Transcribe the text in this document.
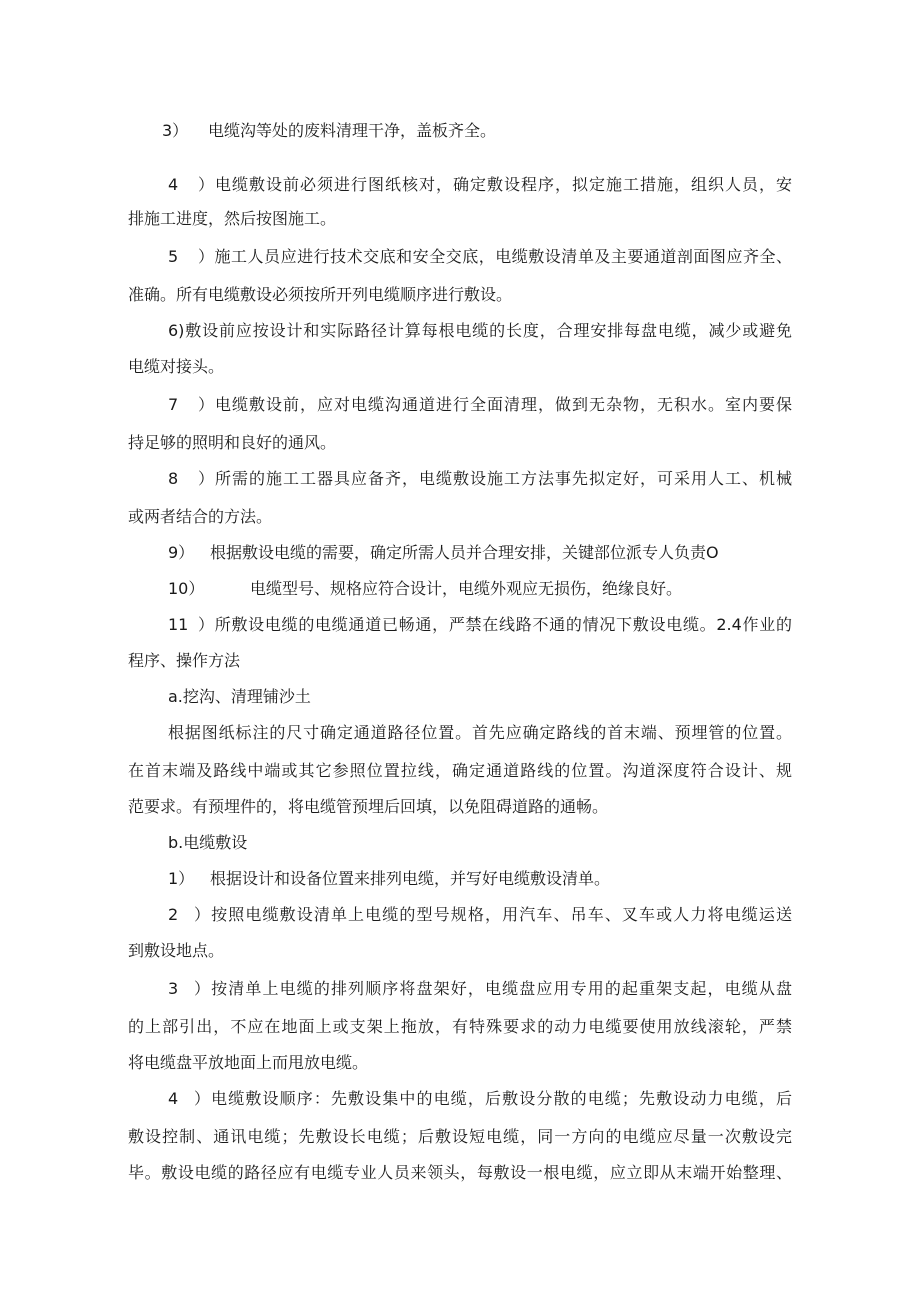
3） 电缆沟等处的废料清理干净，盖板齐全。
4）电缆敷设前必须进行图纸核对，确定敷设程序，拟定施工措施，组织人员，安
排施工进度，然后按图施工。
5）施工人员应进行技术交底和安全交底，电缆敷设清单及主要通道剖面图应齐全、
准确。所有电缆敷设必须按所开列电缆顺序进行敷设。
6)敷设前应按设计和实际路径计算每根电缆的长度，合理安排每盘电缆，减少或避免
电缆对接头。
7）电缆敷设前，应对电缆沟通道进行全面清理，做到无杂物，无积水。室内要保
持足够的照明和良好的通风。
8）所需的施工工器具应备齐，电缆敷设施工方法事先拟定好，可采用人工、机械
或两者结合的方法。
9） 根据敷设电缆的需要，确定所需人员并合理安排，关键部位派专人负责O
10）	电缆型号、规格应符合设计，电缆外观应无损伤，绝缘良好。
11）所敷设电缆的电缆通道已畅通，严禁在线路不通的情况下敷设电缆。2.4作业的
程序、操作方法
a.挖沟、清理铺沙土
根据图纸标注的尺寸确定通道路径位置。首先应确定路线的首末端、预埋管的位置。
在首末端及路线中端或其它参照位置拉线，确定通道路线的位置。沟道深度符合设计、规
范要求。有预埋件的，将电缆管预埋后回填，以免阻碍道路的通畅。
b.电缆敷设
1） 根据设计和设备位置来排列电缆，并写好电缆敷设清单。
2）按照电缆敷设清单上电缆的型号规格，用汽车、吊车、叉车或人力将电缆运送
到敷设地点。
3）按清单上电缆的排列顺序将盘架好，电缆盘应用专用的起重架支起，电缆从盘
的上部引出，不应在地面上或支架上拖放，有特殊要求的动力电缆要使用放线滚轮，严禁
将电缆盘平放地面上而甩放电缆。
4）电缆敷设顺序：先敷设集中的电缆，后敷设分散的电缆；先敷设动力电缆，后
敷设控制、通讯电缆；先敷设长电缆；后敷设短电缆，同一方向的电缆应尽量一次敷设完
毕。敷设电缆的路径应有电缆专业人员来领头，每敷设一根电缆，应立即从末端开始整理、
